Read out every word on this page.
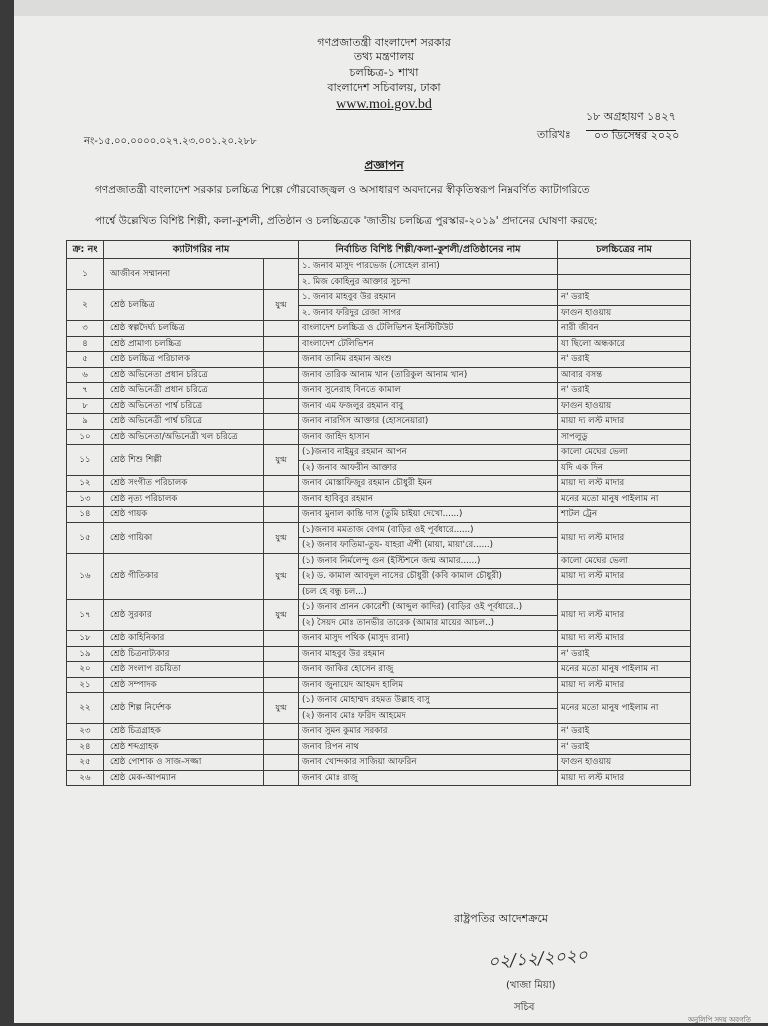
গণপ্রজাতন্ত্রী বাংলাদেশ সরকার
তথ্য মন্ত্রণালয়
চলচ্চিত্র-১ শাখা
বাংলাদেশ সচিবালয়, ঢাকা
www.moi.gov.bd
নং-১৫.০০.০০০০.০২৭.২৩.০০১.২০.২৮৮
১৮ অগ্রহায়ণ ১৪২৭
তারিখঃ ০৩ ডিসেম্বর ২০২০
প্রজ্ঞাপন
গণপ্রজাতন্ত্রী বাংলাদেশ সরকার চলচ্চিত্র শিল্পে গৌরবোজ্জ্বল ও অসাধারণ অবদানের স্বীকৃতিস্বরূপ নিম্নবর্ণিত ক্যাটাগরিতে
পার্শ্বে উল্লেখিত বিশিষ্ট শিল্পী, কলা-কুশলী, প্রতিষ্ঠান ও চলচ্চিত্রকে 'জাতীয় চলচ্চিত্র পুরস্কার-২০১৯' প্রদানের ঘোষণা করছে:
ক্র: নং	ক্যাটাগরির নাম		নির্বাচিত বিশিষ্ট শিল্পী/কলা-কুশলী/প্রতিষ্ঠানের নাম	চলচ্চিত্রের নাম
১	আজীবন সম্মাননা		১. জনাব মাসুদ পারভেজ (সোহেল রানা)	
			২. মিজ কোহিনুর আক্তার সুচন্দা	
২	শ্রেষ্ঠ চলচ্চিত্র	যুগ্ম	১. জনাব মাহবুব উর রহমান	ন' ডরাই
			২. জনাব ফরিদুর রেজা সাগর	ফাগুন হাওয়ায়
৩	শ্রেষ্ঠ স্বল্পদৈর্ঘ্য চলচ্চিত্র		বাংলাদেশ চলচ্চিত্র ও টেলিভিশন ইনস্টিটিউট	নারী জীবন
৪	শ্রেষ্ঠ প্রামাণ্য চলচ্চিত্র		বাংলাদেশ টেলিভিশন	যা ছিলো অন্ধকারে
৫	শ্রেষ্ঠ চলচ্চিত্র পরিচালক		জনাব তানিম রহমান অংশু	ন' ডরাই
৬	শ্রেষ্ঠ অভিনেতা প্রধান চরিত্রে		জনাব তারিক আনাম খান (তারিকুল আনাম খান)	আবার বসন্ত
৭	শ্রেষ্ঠ অভিনেত্রী প্রধান চরিত্রে		জনাব সুনেরাহ বিনতে কামাল	ন' ডরাই
৮	শ্রেষ্ঠ অভিনেতা পার্শ্ব চরিত্রে		জনাব এম ফজলুর রহমান বাবু	ফাগুন হাওয়ায়
৯	শ্রেষ্ঠ অভিনেত্রী পার্শ্ব চরিত্রে		জনাব নারগিস আক্তার (হোসনেয়ারা)	মায়া দ্য লস্ট মাদার
১০	শ্রেষ্ঠ অভিনেতা/অভিনেত্রী খল চরিত্রে		জনাব জাহিদ হাসান	সাপলুডু
১১	শ্রেষ্ঠ শিশু শিল্পী	যুগ্ম	(১)জনাব নাইমুর রহমান আপন	কালো মেঘের ভেলা
			(২) জনাব আফরীন আক্তার	যদি এক দিন
১২	শ্রেষ্ঠ সংগীত পরিচালক		জনাব মোস্তাফিজুর রহমান চৌধুরী ইমন	মায়া দ্য লস্ট মাদার
১৩	শ্রেষ্ঠ নৃত্য পরিচালক		জনাব হাবিবুর রহমান	মনের মতো মানুষ পাইলাম না
১৪	শ্রেষ্ঠ গায়ক		জনাব মুনাল কান্তি দাস (তুমি চাইয়া দেখো......)	শাটল ট্রেন
১৫	শ্রেষ্ঠ গায়িকা	যুগ্ম	(১)জনাব মমতাজ বেগম (বাড়ির ওই পূর্বধারে......)	মায়া দ্য লস্ট মাদার
			(২) জনাব ফাতিমা-তুয- যাহরা ঐশী (মায়া, মায়া'রে......)	
১৬	শ্রেষ্ঠ গীতিকার	যুগ্ম	(১) জনাব নির্মলেন্দু গুন (ইস্টিশনে জন্ম আমার......)	কালো মেঘের ভেলা
			(২) ড. কামাল আবদুল নাসের চৌধুরী (কবি কামাল চৌধুরী)	মায়া দ্য লস্ট মাদার
			(চল হে বন্ধু চল...)	
১৭	শ্রেষ্ঠ সুরকার	যুগ্ম	(১) জনাব প্রানন কোরেশী (আব্দুল কাদির) (বাড়ির ওই পূর্বধারে..)	মায়া দ্য লস্ট মাদার
			(২) সৈয়দ মোঃ তানভীর তারেক (আমার মায়ের আচল..)	
১৮	শ্রেষ্ঠ কাহিনিকার		জনাব মাসুদ পথিক (মাসুদ রানা)	মায়া দ্য লস্ট মাদার
১৯	শ্রেষ্ঠ চিত্রনাট্যকার		জনাব মাহবুব উর রহমান	ন' ডরাই
২০	শ্রেষ্ঠ সংলাপ রচয়িতা		জনাব জাকির হোসেন রাজু	মনের মতো মানুষ পাইলাম না
২১	শ্রেষ্ঠ সম্পাদক		জনাব জুনায়েদ আহমদ হালিম	মায়া দ্য লস্ট মাদার
২২	শ্রেষ্ঠ শিল্প নির্দেশক	যুগ্ম	(১) জনাব মোহাম্মদ রহমত উল্লাহ বাসু	মনের মতো মানুষ পাইলাম না
			(২) জনাব মোঃ ফরিদ আহমেদ	
২৩	শ্রেষ্ঠ চিত্রগ্রাহক		জনাব সুমন কুমার সরকার	ন' ডরাই
২৪	শ্রেষ্ঠ শব্দগ্রাহক		জনাব রিপন নাথ	ন' ডরাই
২৫	শ্রেষ্ঠ পোশাক ও সাজ-সজ্জা		জনাব খোন্দকার সাজিয়া আফরিন	ফাগুন হাওয়ায়
২৬	শ্রেষ্ঠ মেক-আপম্যান		জনাব মোঃ রাজু	মায়া দ্য লস্ট মাদার
রাষ্ট্রপতির আদেশক্রমে
০২/১২/২০২০
(খাজা মিয়া)
সচিব
অনুলিপি সদয় অবগতি
